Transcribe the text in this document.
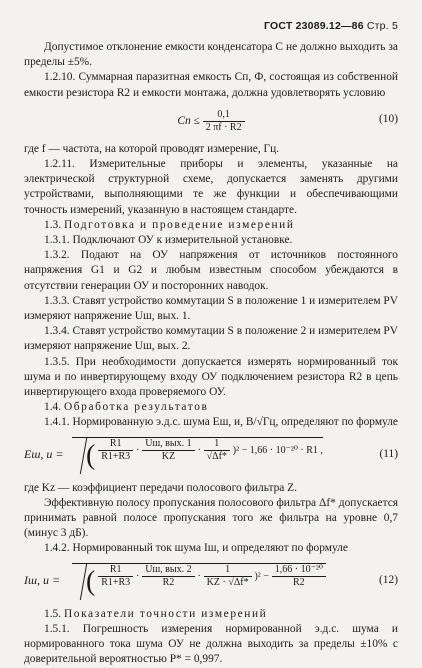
ГОСТ 23089.12—86 Стр. 5

Допустимое отклонение емкости конденсатора C не должно выходить за пределы ±5%.

1.2.10. Суммарная паразитная емкость Cп, Ф, состоящая из собственной емкости резистора R2 и емкости монтажа, должна удовлетворять условию

Cп ≤ $\frac{0,1}{2 \pi f \cdot R2}$	(10)

где f — частота, на которой проводят измерение, Гц.

1.2.11. Измерительные приборы и элементы, указанные на электрической структурной схеме, допускается заменять другими устройствами, выполняющими те же функции и обеспечивающими точность измерений, указанную в настоящем стандарте.

1.3. Подготовка и проведение измерений

1.3.1. Подключают ОУ к измерительной установке.

1.3.2. Подают на ОУ напряжения от источников постоянного напряжения G1 и G2 и любым известным способом убеждаются в отсутствии генерации ОУ и посторонних наводок.

1.3.3. Ставят устройство коммутации S в положение 1 и измерителем PV измеряют напряжение Uш, вых. 1.

1.3.4. Ставят устройство коммутации S в положение 2 и измерителем PV измеряют напряжение Uш, вых. 2.

1.3.5. При необходимости допускается измерять нормированный ток шума и по инвертирующему входу ОУ подключением резистора R2 в цепь инвертирующего входа проверяемого ОУ.

1.4. Обработка результатов

1.4.1. Нормированную э.д.с. шума Eш, и, В/√Гц, определяют по формуле

Eш, и = ( $\frac{R1}{R1+R3} \cdot \frac{\text{Uш, вых. 1}}{KZ} \cdot \frac{1}{√\Delta f*} )^2 - 1,66 \cdot 10^{-20} \cdot R1$ ,	(11)

где Kz — коэффициент передачи полосового фильтра Z.

Эффективную полосу пропускания полосового фильтра Δf* допускается принимать равной полосе пропускания того же фильтра на уровне 0,7 (минус 3 дБ).

1.4.2. Нормированный ток шума Iш, и определяют по формуле

Iш, и = ( $\frac{R1}{R1+R3} \cdot \frac{\text{Uш, вых. 2}}{R2} \cdot \frac{1}{KZ \cdot √\Delta f*} )^2 - \frac{\text{1,66 · 10⁻²⁰}}{R2}$	(12)

1.5. Показатели точности измерений

1.5.1. Погрешность измерения нормированной э.д.с. шума и нормированного тока шума ОУ не должна выходить за пределы ±10% с доверительной вероятностью P* = 0,997.
